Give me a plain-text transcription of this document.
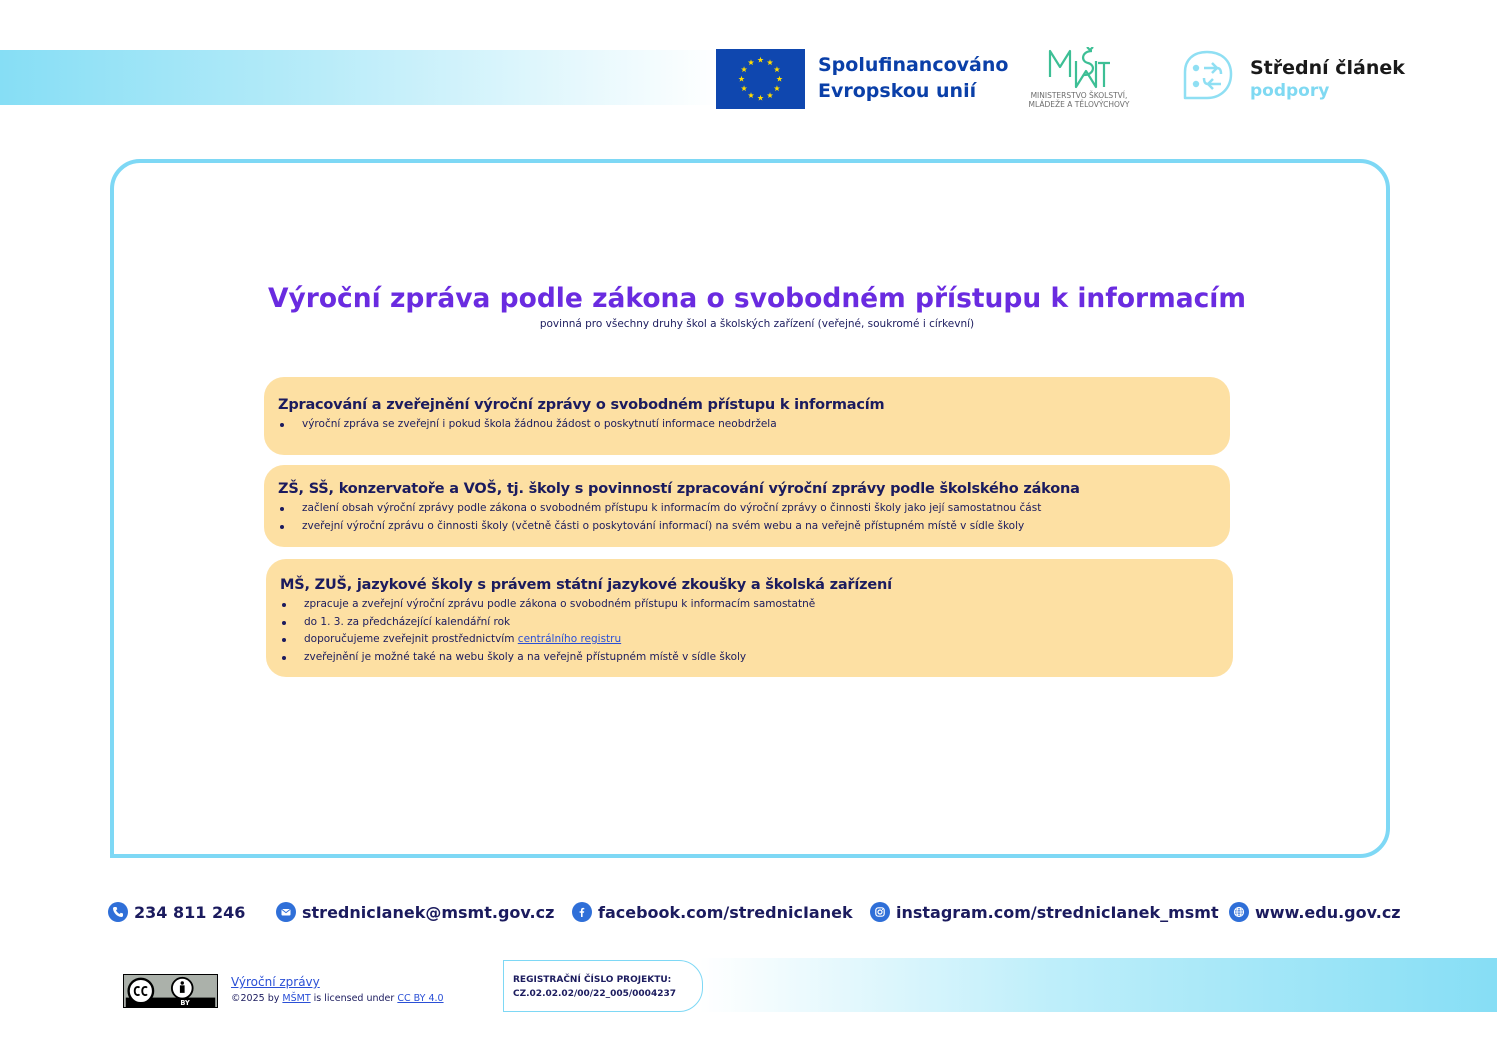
Spolufinancováno
Evropskou unií	MINISTERSTVO ŠKOLSTVÍ,
MLÁDEŽE A TĚLOVÝCHOVY
Střední článek
podpory
Výroční zpráva podle zákona o svobodném přístupu k informacím

povinná pro všechny druhy škol a školských zařízení (veřejné, soukromé i církevní)

Zpracování a zveřejnění výroční zprávy o svobodném přístupu k informacím
výroční zpráva se zveřejní i pokud škola žádnou žádost o poskytnutí informace neobdržela
ZŠ, SŠ, konzervatoře a VOŠ, tj. školy s povinností zpracování výroční zprávy podle školského zákona
začlení obsah výroční zprávy podle zákona o svobodném přístupu k informacím do výroční zprávy o činnosti školy jako její samostatnou část
zveřejní výroční zprávu o činnosti školy (včetně části o poskytování informací) na svém webu a na veřejně přístupném místě v sídle školy
MŠ, ZUŠ, jazykové školy s právem státní jazykové zkoušky a školská zařízení
zpracuje a zveřejní výroční zprávu podle zákona o svobodném přístupu k informacím samostatně
do 1. 3. za předcházející kalendářní rok
doporučujeme zveřejnit prostřednictvím centrálního registru
zveřejnění je možné také na webu školy a na veřejně přístupném místě v sídle školy
234 811 246	strednicIanek@msmt.gov.cz	facebook.com/strednicIanek	instagram.com/strednicIanek_msmt www.edu.gov.cz
BY
Výroční zprávy
©2025 by MŠMT is licensed under CC BY 4.0
REGISTRAČNÍ ČÍSLO PROJEKTU:
CZ.02.02.02/00/22_005/0004237
